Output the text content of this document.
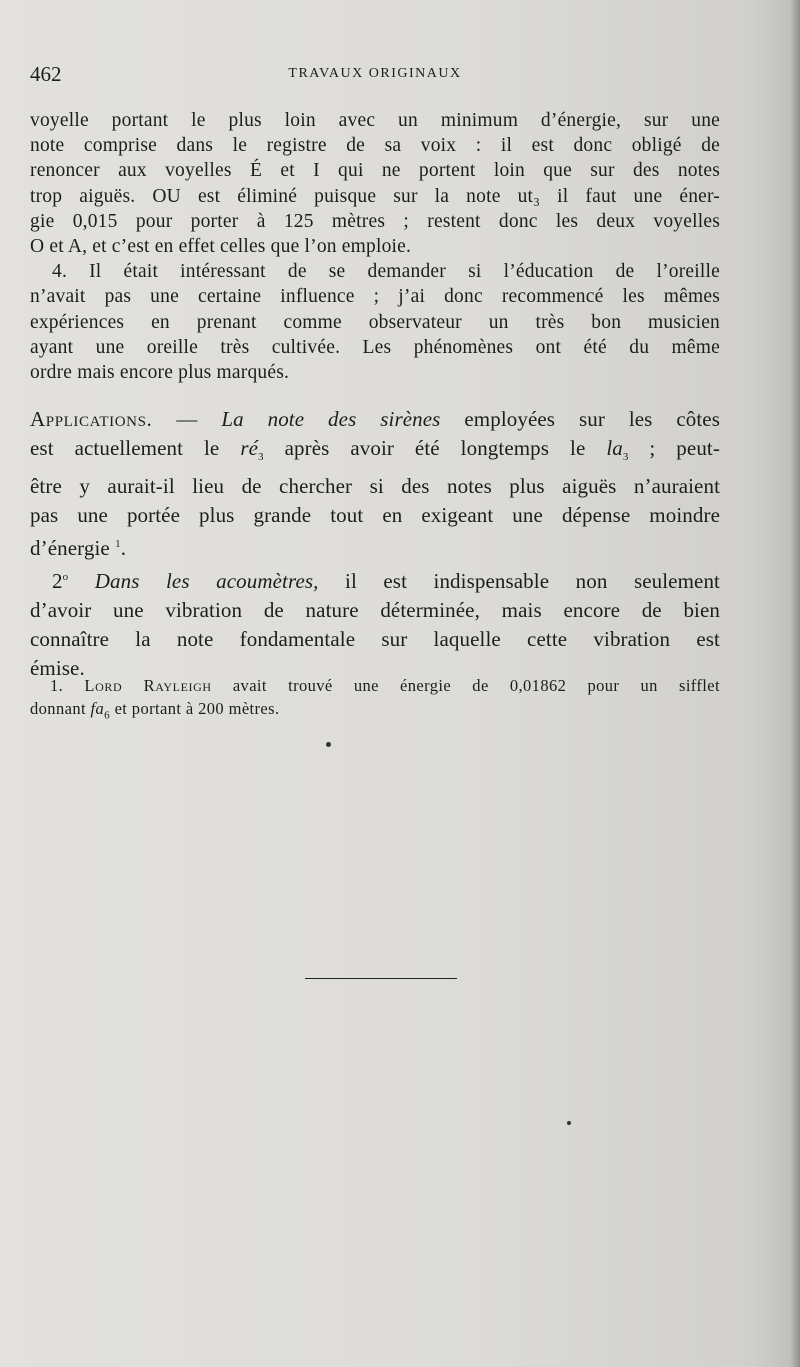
462	TRAVAUX ORIGINAUX
voyelle portant le plus loin avec un minimum d’énergie, sur une
note comprise dans le registre de sa voix : il est donc obligé de
renoncer aux voyelles É et I qui ne portent loin que sur des notes
trop aiguës. OU est éliminé puisque sur la note ut₃ il faut une éner-
gie 0,015 pour porter à 125 mètres ; restent donc les deux voyelles
O et A, et c’est en effet celles que l’on emploie.
4. Il était intéressant de se demander si l’éducation de l’oreille
n’avait pas une certaine influence ; j’ai donc recommencé les mêmes
expériences en prenant comme observateur un très bon musicien
ayant une oreille très cultivée. Les phénomènes ont été du même
ordre mais encore plus marqués.
Applications. — La note des sirènes employées sur les côtes
est actuellement le $ré_3$ après avoir été longtemps le $la_3$ ; peut-
être y aurait-il lieu de chercher si des notes plus aiguës n’auraient
pas une portée plus grande tout en exigeant une dépense moindre
d’énergie $^1$.
2$^o$ Dans les acoumètres, il est indispensable non seulement
d’avoir une vibration de nature déterminée, mais encore de bien
connaître la note fondamentale sur laquelle cette vibration est
émise.
1. Lord Rayleigh avait trouvé une énergie de 0,01862 pour un sifflet
donnant $fa_6$ et portant à 200 mètres.
